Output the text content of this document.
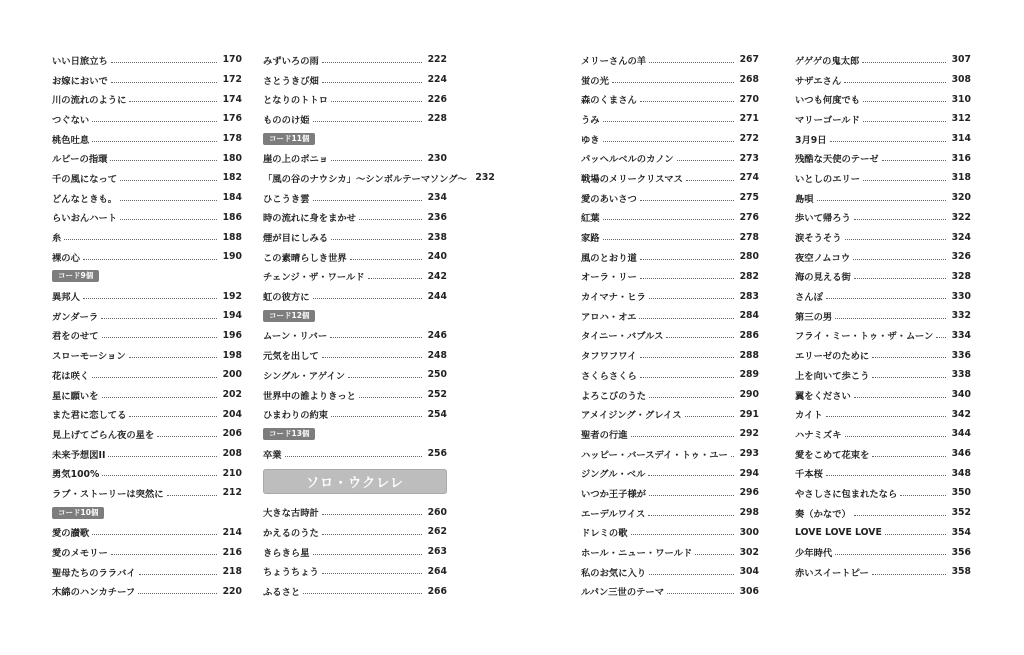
いい日旅立ち	170
お嫁においで	172
川の流れのように	174
つぐない	176
桃色吐息	178
ルビーの指環	180
千の風になって	182
どんなときも。	184
らいおんハート	186
糸	188
裸の心	190
コード9個
異邦人	192
ガンダーラ	194
君をのせて	196
スローモーション	198
花は咲く	200
星に願いを	202
また君に恋してる	204
見上げてごらん夜の星を	206
未来予想図II	208
勇気100%	210
ラブ・ストーリーは突然に	212
コード10個
愛の讃歌	214
愛のメモリー	216
聖母たちのララバイ	218
木綿のハンカチーフ	220
みずいろの雨	222
さとうきび畑	224
となりのトトロ	226
もののけ姫	228
コード11個
崖の上のポニョ	230
「風の谷のナウシカ」～シンボルテーマソング～ 232
ひこうき雲	234
時の流れに身をまかせ	236
煙が目にしみる	238
この素晴らしき世界	240
チェンジ・ザ・ワールド	242
虹の彼方に	244
コード12個
ムーン・リバー	246
元気を出して	248
シングル・アゲイン	250
世界中の誰よりきっと	252
ひまわりの約束	254
コード13個
卒業	256
ソロ・ウクレレ
大きな古時計	260
かえるのうた	262
きらきら星	263
ちょうちょう	264
ふるさと	266
メリーさんの羊	267
蛍の光	268
森のくまさん	270
うみ	271
ゆき	272
パッヘルベルのカノン	273
戦場のメリークリスマス	274
愛のあいさつ	275
紅葉	276
家路	278
風のとおり道	280
オーラ・リー	282
カイマナ・ヒラ	283
アロハ・オエ	284
タイニー・バブルス	286
タフワフワイ	288
さくらさくら	289
よろこびのうた	290
アメイジング・グレイス	291
聖者の行進	292
ハッピー・バースデイ・トゥ・ユー 293
ジングル・ベル	294
いつか王子様が	296
エーデルワイス	298
ドレミの歌	300
ホール・ニュー・ワールド	302
私のお気に入り	304
ルパン三世のテーマ	306
ゲゲゲの鬼太郎	307
サザエさん	308
いつも何度でも	310
マリーゴールド	312
3月9日	314
残酷な天使のテーゼ	316
いとしのエリー	318
島唄	320
歩いて帰ろう	322
涙そうそう	324
夜空ノムコウ	326
海の見える街	328
さんぽ	330
第三の男	332
フライ・ミー・トゥ・ザ・ムーン 334
エリーゼのために	336
上を向いて歩こう	338
翼をください	340
カイト	342
ハナミズキ	344
愛をこめて花束を	346
千本桜	348
やさしさに包まれたなら	350
奏（かなで）	352
LOVE LOVE LOVE	354
少年時代	356
赤いスイートピー	358
